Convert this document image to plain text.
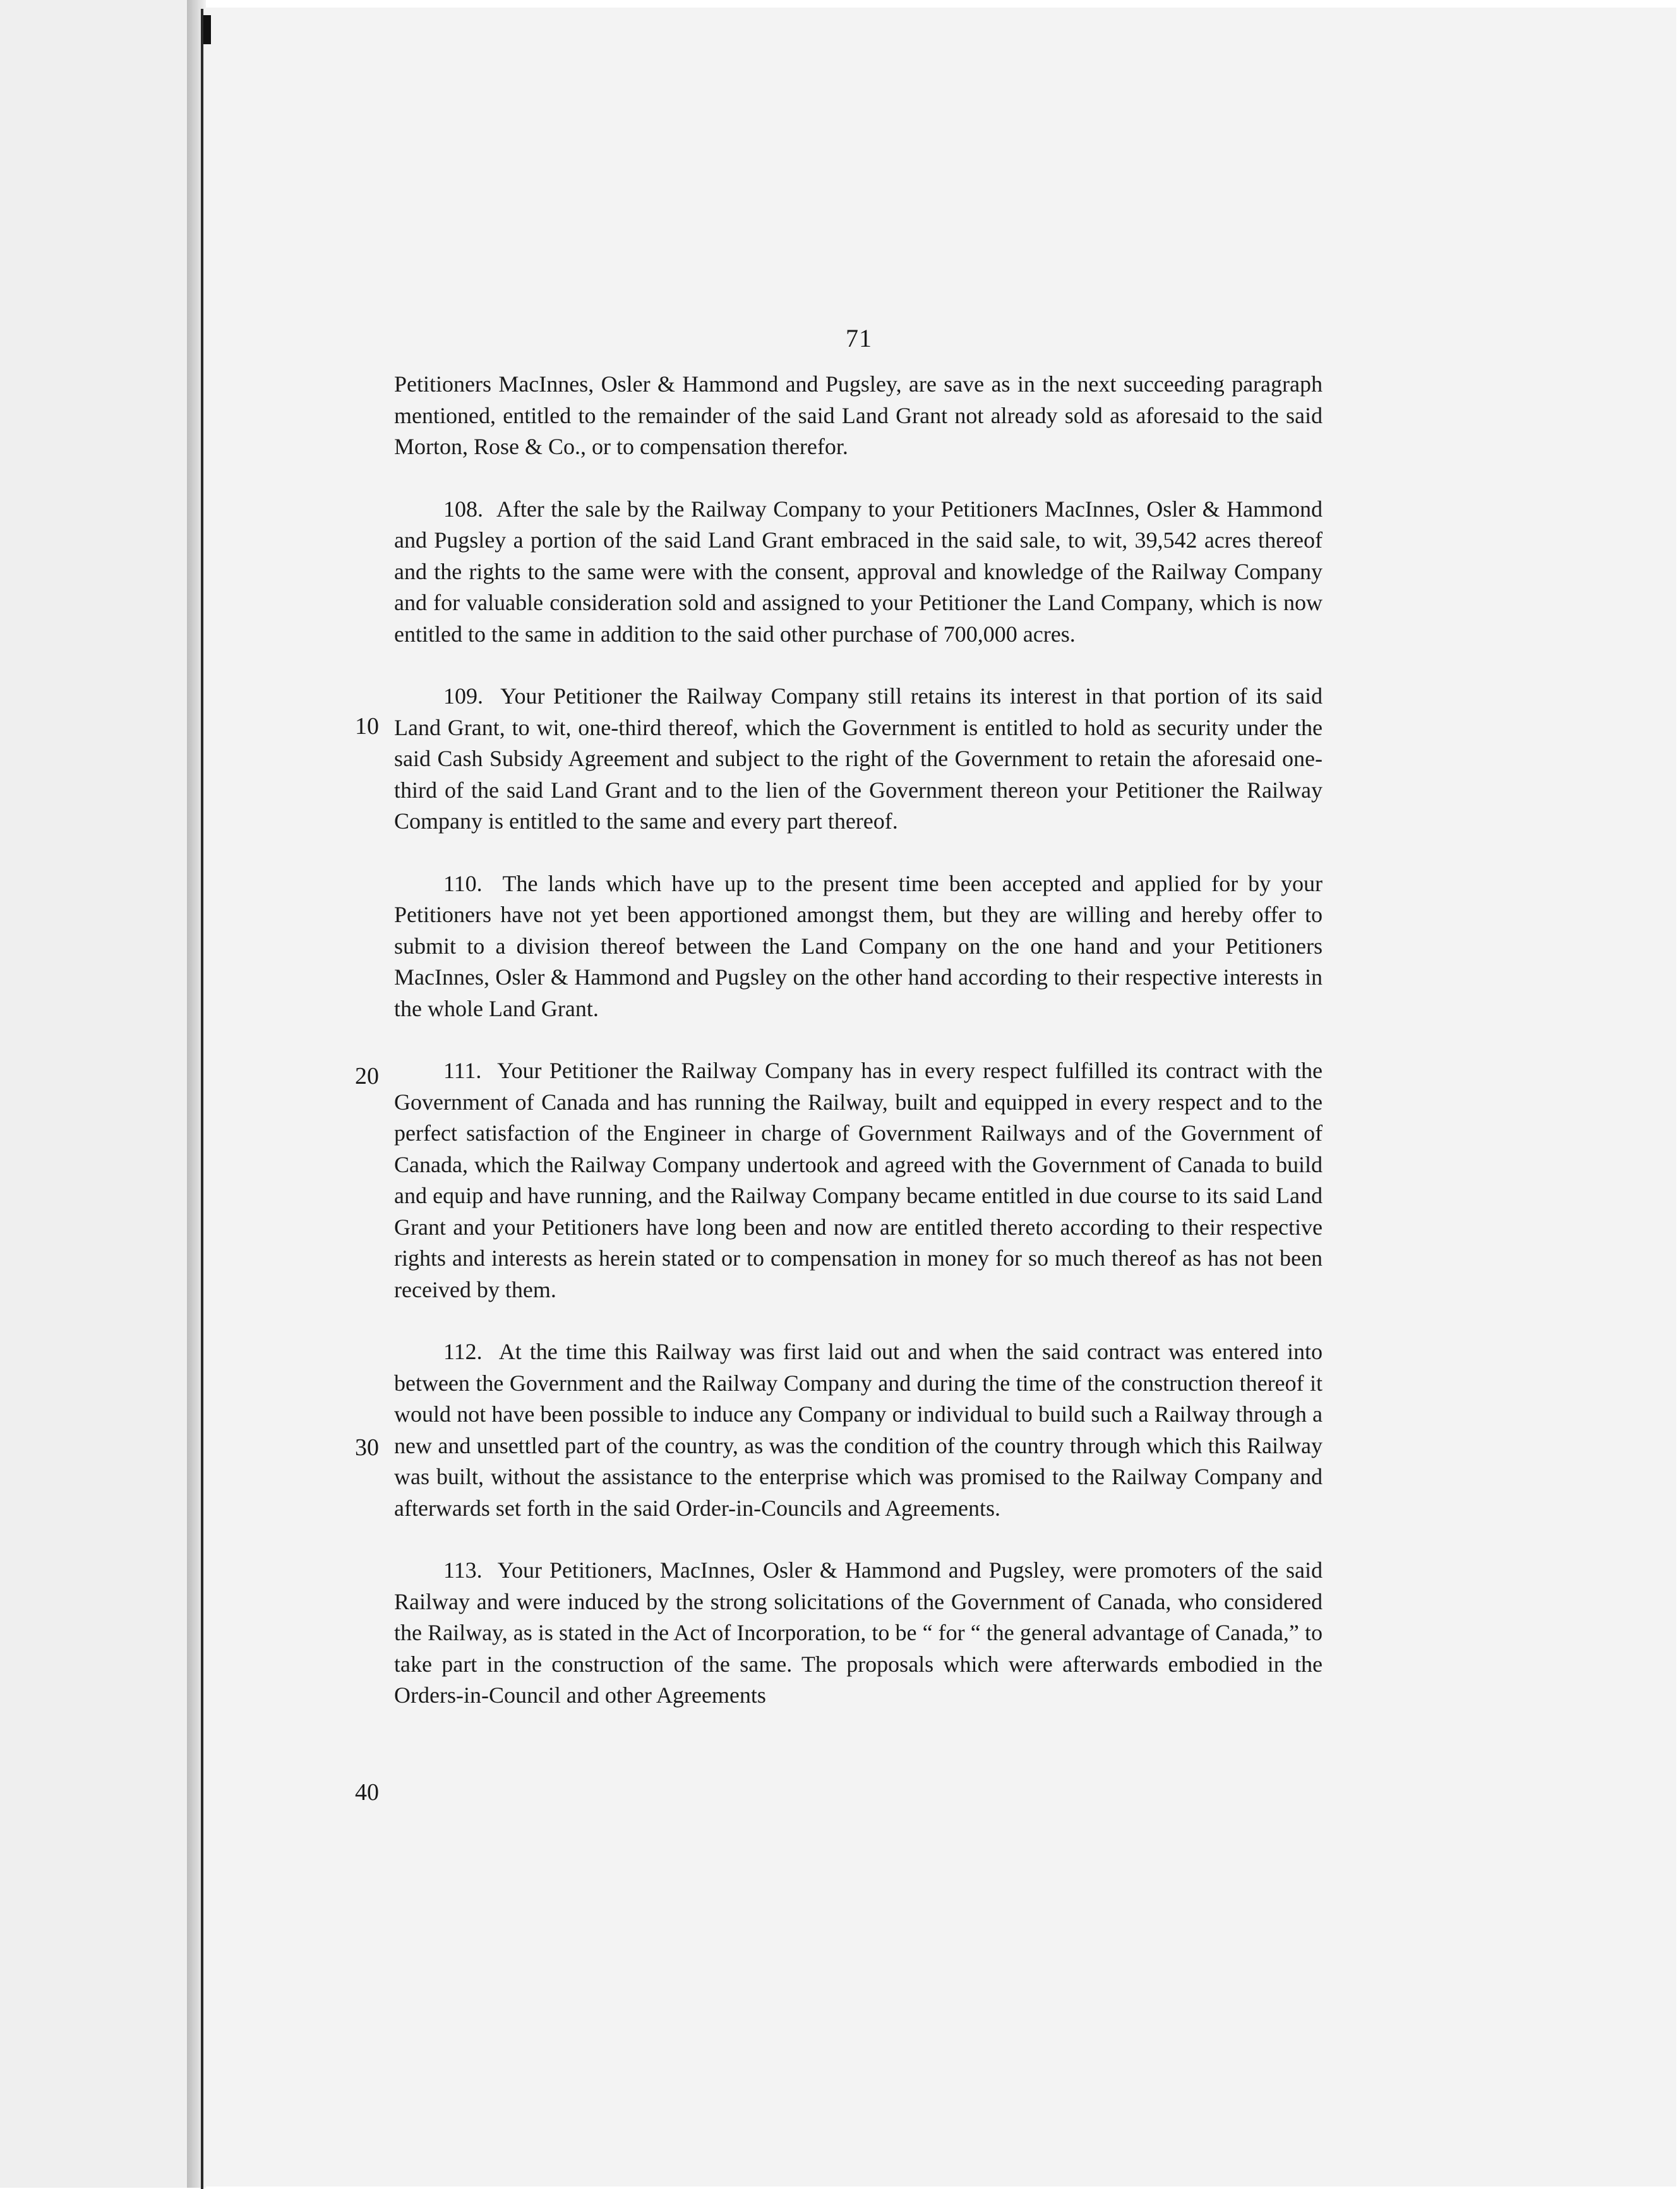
71
10
20
30
40

Petitioners MacInnes, Osler & Hammond and Pugsley, are save as in the next succeeding paragraph mentioned, entitled to the remainder of the said Land Grant not already sold as aforesaid to the said Morton, Rose & Co., or to compensation therefor.

108. After the sale by the Railway Company to your Petitioners MacInnes, Osler & Hammond and Pugsley a portion of the said Land Grant embraced in the said sale, to wit, 39,542 acres thereof and the rights to the same were with the consent, approval and knowledge of the Railway Company and for valuable consideration sold and assigned to your Petitioner the Land Company, which is now entitled to the same in addition to the said other purchase of 700,000 acres.

109. Your Petitioner the Railway Company still retains its interest in that portion of its said Land Grant, to wit, one-third thereof, which the Government is entitled to hold as security under the said Cash Subsidy Agreement and subject to the right of the Government to retain the aforesaid one-third of the said Land Grant and to the lien of the Government thereon your Petitioner the Railway Company is entitled to the same and every part thereof.

110. The lands which have up to the present time been accepted and applied for by your Petitioners have not yet been apportioned amongst them, but they are willing and hereby offer to submit to a division thereof between the Land Company on the one hand and your Petitioners MacInnes, Osler & Hammond and Pugsley on the other hand according to their respective interests in the whole Land Grant.

111. Your Petitioner the Railway Company has in every respect fulfilled its contract with the Government of Canada and has running the Railway, built and equipped in every respect and to the perfect satisfaction of the Engineer in charge of Government Railways and of the Government of Canada, which the Railway Company undertook and agreed with the Government of Canada to build and equip and have running, and the Railway Company became entitled in due course to its said Land Grant and your Petitioners have long been and now are entitled thereto according to their respective rights and interests as herein stated or to compensation in money for so much thereof as has not been received by them.

112. At the time this Railway was first laid out and when the said contract was entered into between the Government and the Railway Company and during the time of the construction thereof it would not have been possible to induce any Company or individual to build such a Railway through a new and unsettled part of the country, as was the condition of the country through which this Railway was built, without the assistance to the enterprise which was promised to the Railway Company and afterwards set forth in the said Order-in-Councils and Agreements.

113. Your Petitioners, MacInnes, Osler & Hammond and Pugsley, were promoters of the said Railway and were induced by the strong solicitations of the Government of Canada, who considered the Railway, as is stated in the Act of Incorporation, to be “ for “ the general advantage of Canada,” to take part in the construction of the same. The proposals which were afterwards embodied in the Orders-in-Council and other Agreements
